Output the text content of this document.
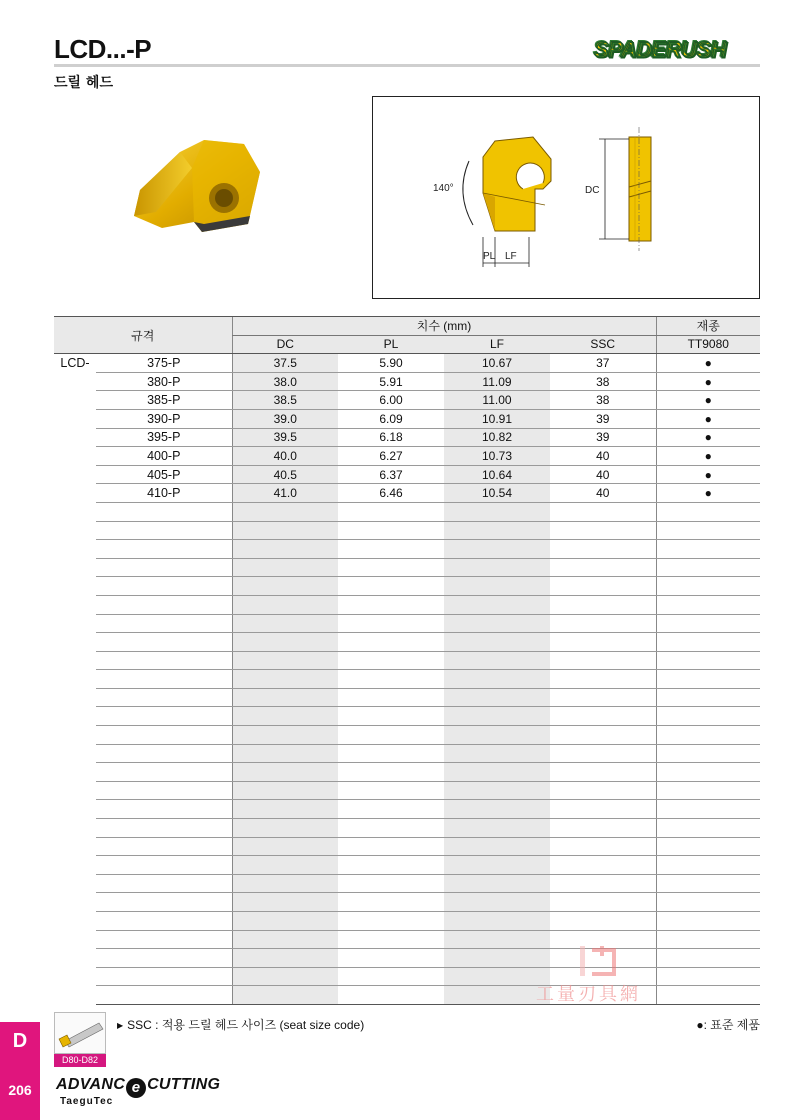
LCD...-P
드릴 헤드
SPADERUSH
140°
PL LF
DC
규격		치수 (mm)				재종
		DC	PL	LF	SSC	TT9080
LCD-	375-P	37.5	5.90	10.67	37	●
	380-P	38.0	5.91	11.09	38	●
	385-P	38.5	6.00	11.00	38	●
	390-P	39.0	6.09	10.91	39	●
	395-P	39.5	6.18	10.82	39	●
	400-P	40.0	6.27	10.73	40	●
	405-P	40.5	6.37	10.64	40	●
	410-P	41.0	6.46	10.54	40	●

▶ SSC : 적용 드릴 헤드 사이즈 (seat size code)	●: 표준 제품
D80-D82
D
206	ADVANC e CUTTING
TaeguTec
工量刃具網
